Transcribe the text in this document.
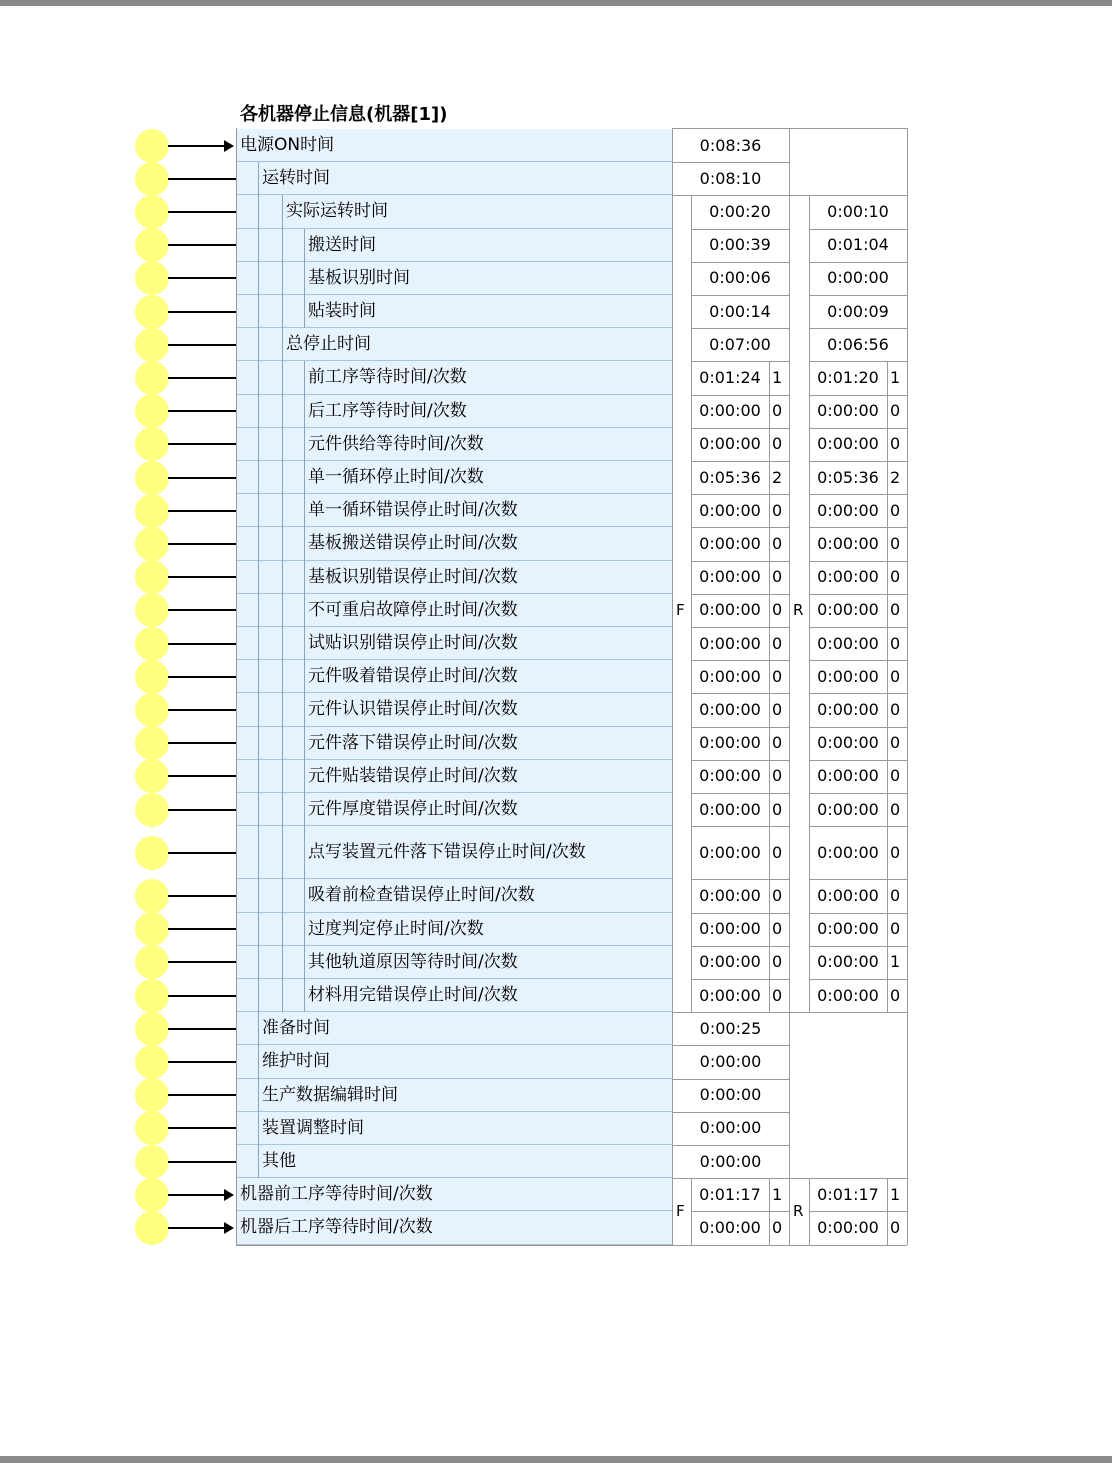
各机器停止信息(机器[1])
电源ON时间	0:08:36
运转时间	0:08:10
实际运转时间	0:00:20	0:00:10
搬送时间	0:00:39	0:01:04
基板识别时间	0:00:06	0:00:00
贴装时间	0:00:14	0:00:09
总停止时间	0:07:00	0:06:56
前工序等待时间/次数	0:01:24 1	0:01:20 1
后工序等待时间/次数	0:00:00 0	0:00:00 0
元件供给等待时间/次数	0:00:00 0	0:00:00 0
单一循环停止时间/次数	0:05:36 2	0:05:36 2
单一循环错误停止时间/次数	0:00:00 0	0:00:00 0
基板搬送错误停止时间/次数	0:00:00 0	0:00:00 0
基板识别错误停止时间/次数	0:00:00 0	0:00:00 0
不可重启故障停止时间/次数	0:00:00 0	0:00:00 0
试贴识别错误停止时间/次数	0:00:00 0	0:00:00 0
元件吸着错误停止时间/次数	0:00:00 0	0:00:00 0
元件认识错误停止时间/次数	0:00:00 0	0:00:00 0
元件落下错误停止时间/次数	0:00:00 0	0:00:00 0
元件贴装错误停止时间/次数	0:00:00 0	0:00:00 0
元件厚度错误停止时间/次数	0:00:00 0	0:00:00 0
点写装置元件落下错误停止时间/次数	0:00:00 0	0:00:00 0
吸着前检查错误停止时间/次数	0:00:00 0	0:00:00 0
过度判定停止时间/次数	0:00:00 0	0:00:00 0
其他轨道原因等待时间/次数	0:00:00 0	0:00:00 1
材料用完错误停止时间/次数	0:00:00 0	0:00:00 0
准备时间	0:00:25
维护时间	0:00:00
生产数据编辑时间	0:00:00
装置调整时间	0:00:00
其他	0:00:00
机器前工序等待时间/次数	0:01:17 1	0:01:17 1
机器后工序等待时间/次数	0:00:00 0	0:00:00 0
F	R
F	R
